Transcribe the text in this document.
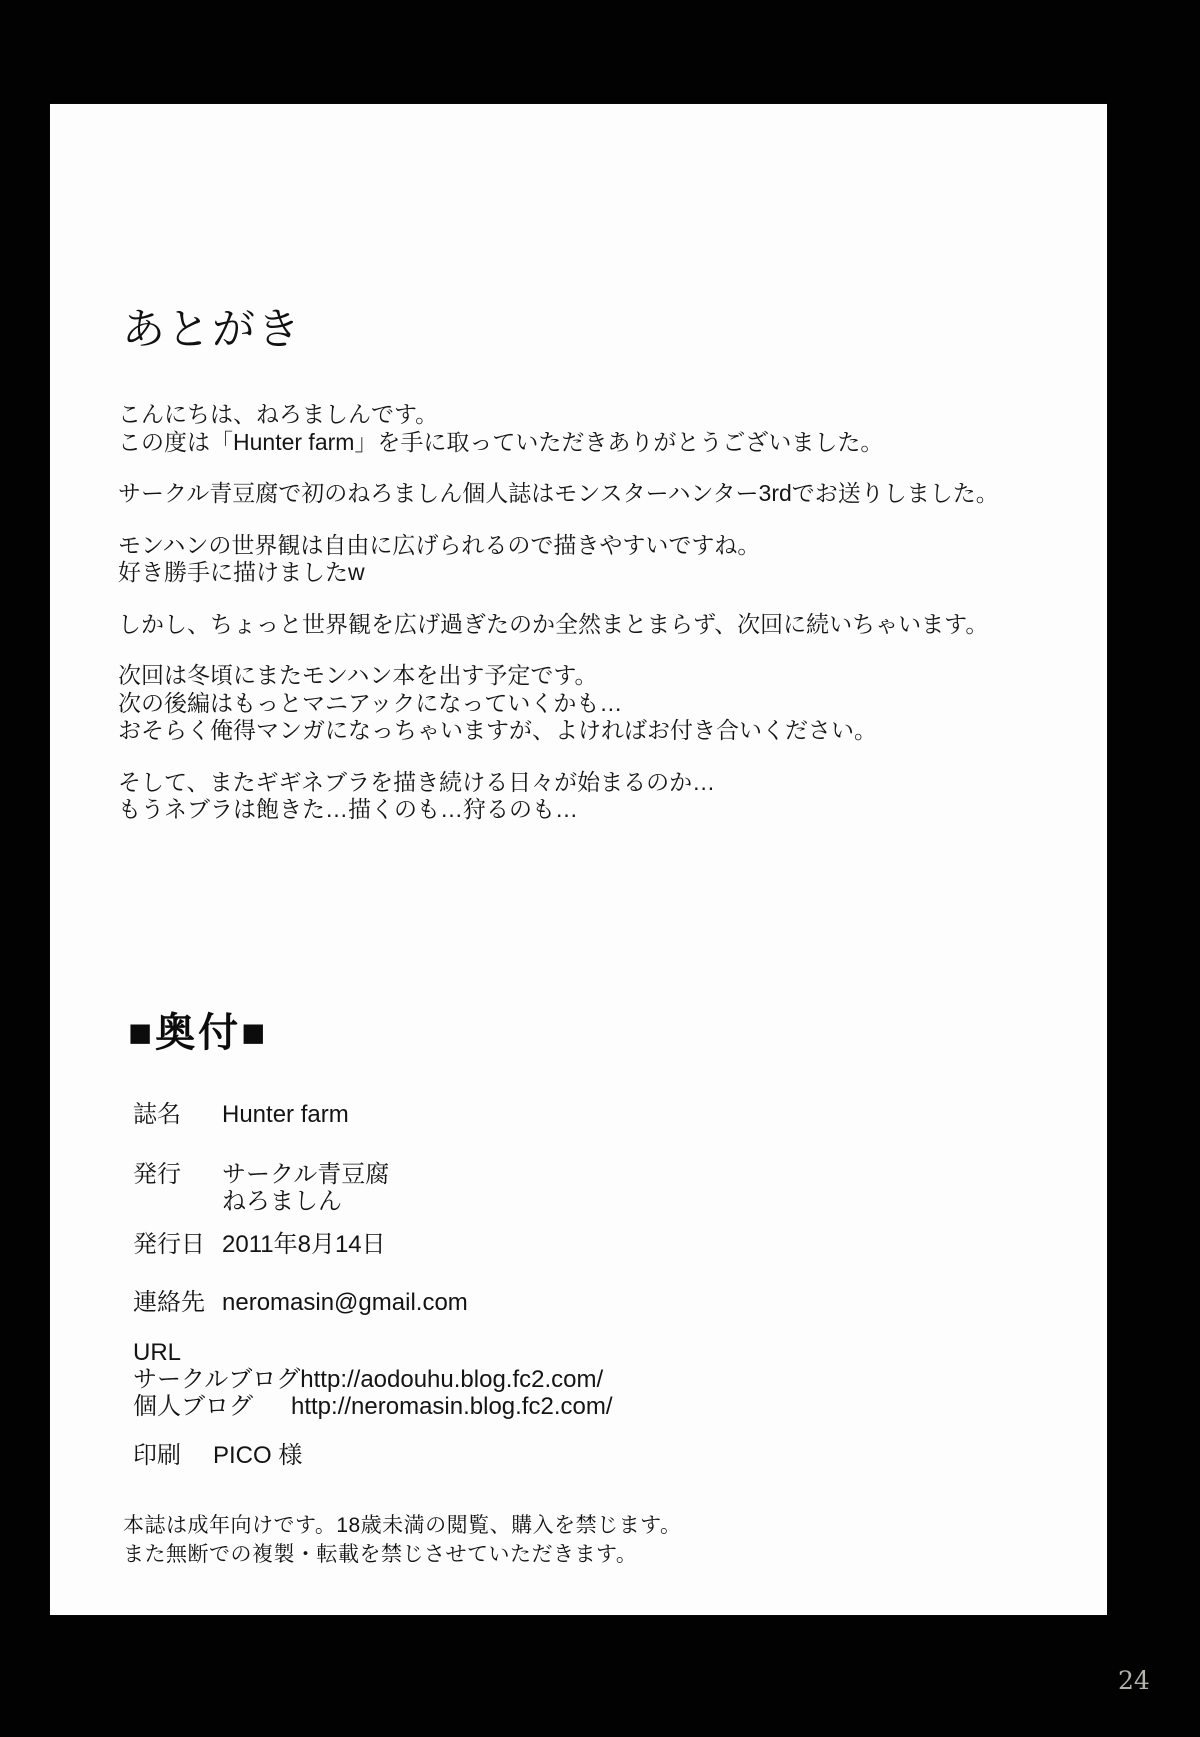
あとがき

こんにちは、ねろましんです。
この度は「Hunter farm」を手に取っていただきありがとうございました。

サークル青豆腐で初のねろましん個人誌はモンスターハンター3rdでお送りしました。

モンハンの世界観は自由に広げられるので描きやすいですね。
好き勝手に描けましたw

しかし、ちょっと世界観を広げ過ぎたのか全然まとまらず、次回に続いちゃいます。

次回は冬頃にまたモンハン本を出す予定です。
次の後編はもっとマニアックになっていくかも…
おそらく俺得マンガになっちゃいますが、よければお付き合いください。

そして、またギギネブラを描き続ける日々が始まるのか…
もうネブラは飽きた…描くのも…狩るのも…

■奥付■
誌名	Hunter farm
発行	サークル青豆腐
ねろましん
発行日 2011年8月14日
連絡先 neromasin@gmail.com
URL
サークルブログ http://aodouhu.blog.fc2.com/
個人ブログ	http://neromasin.blog.fc2.com/
印刷	PICO 様
本誌は成年向けです。18歳未満の閲覧、購入を禁じます。
また無断での複製・転載を禁じさせていただきます。
24
